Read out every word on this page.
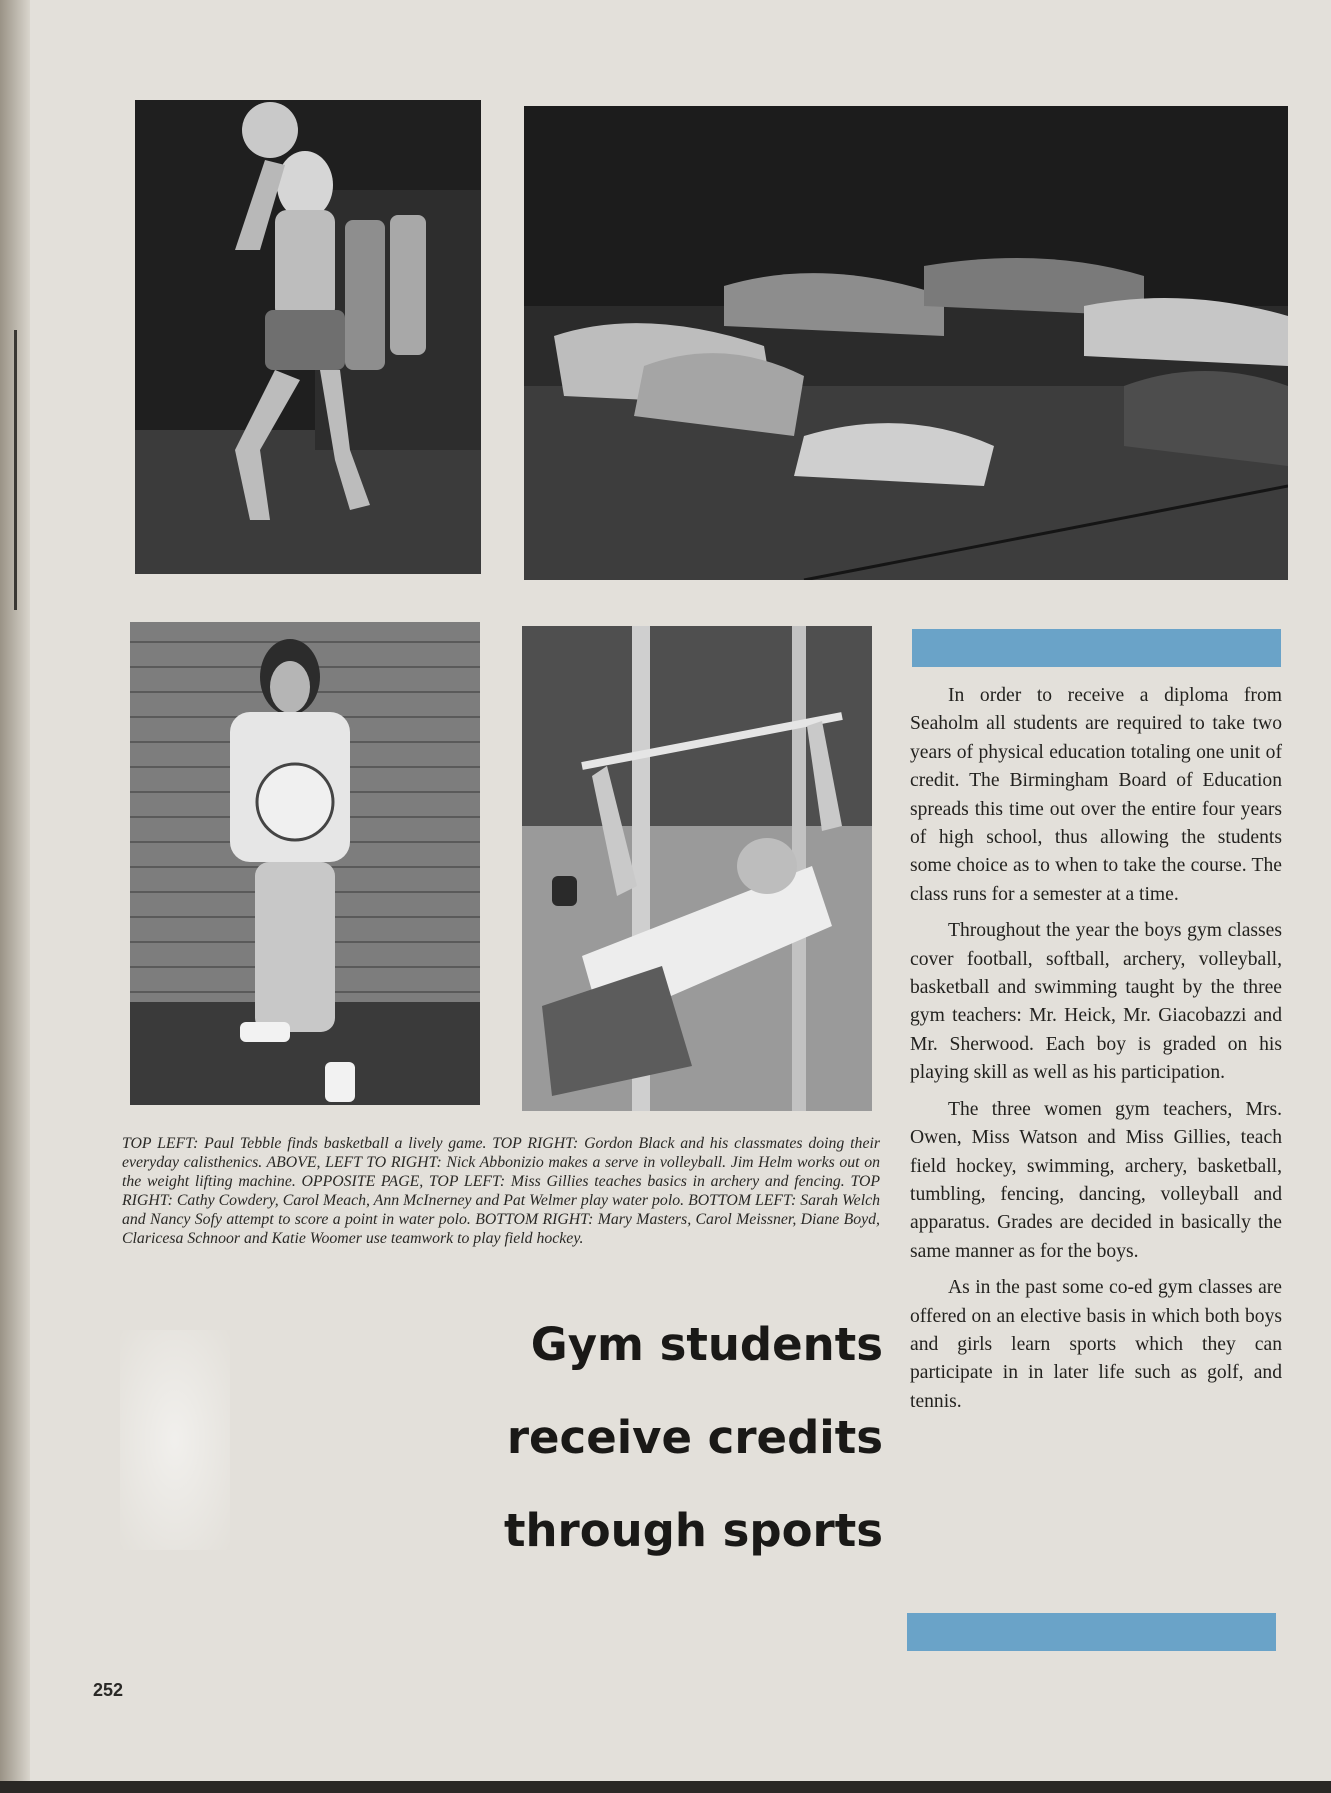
TOP LEFT: Paul Tebble finds basketball a lively game. TOP RIGHT: Gordon Black and his classmates doing their everyday calisthenics. ABOVE, LEFT TO RIGHT: Nick Abbonizio makes a serve in volleyball. Jim Helm works out on the weight lifting machine. OPPOSITE PAGE, TOP LEFT: Miss Gillies teaches basics in archery and fencing. TOP RIGHT: Cathy Cowdery, Carol Meach, Ann McInerney and Pat Welmer play water polo. BOTTOM LEFT: Sarah Welch and Nancy Sofy attempt to score a point in water polo. BOTTOM RIGHT: Mary Masters, Carol Meissner, Diane Boyd, Claricesa Schnoor and Katie Woomer use teamwork to play field hockey.

Gym students
receive credits
through sports

In order to receive a diploma from Seaholm all students are required to take two years of physical education totaling one unit of credit. The Birmingham Board of Education spreads this time out over the entire four years of high school, thus allowing the students some choice as to when to take the course. The class runs for a semester at a time.

Throughout the year the boys gym classes cover football, softball, archery, volleyball, basketball and swimming taught by the three gym teachers: Mr. Heick, Mr. Giacobazzi and Mr. Sherwood. Each boy is graded on his playing skill as well as his participation.

The three women gym teachers, Mrs. Owen, Miss Watson and Miss Gillies, teach field hockey, swimming, archery, basketball, tumbling, fencing, dancing, volleyball and apparatus. Grades are decided in basically the same manner as for the boys.

As in the past some co-ed gym classes are offered on an elective basis in which both boys and girls learn sports which they can participate in in later life such as golf, and tennis.

252
